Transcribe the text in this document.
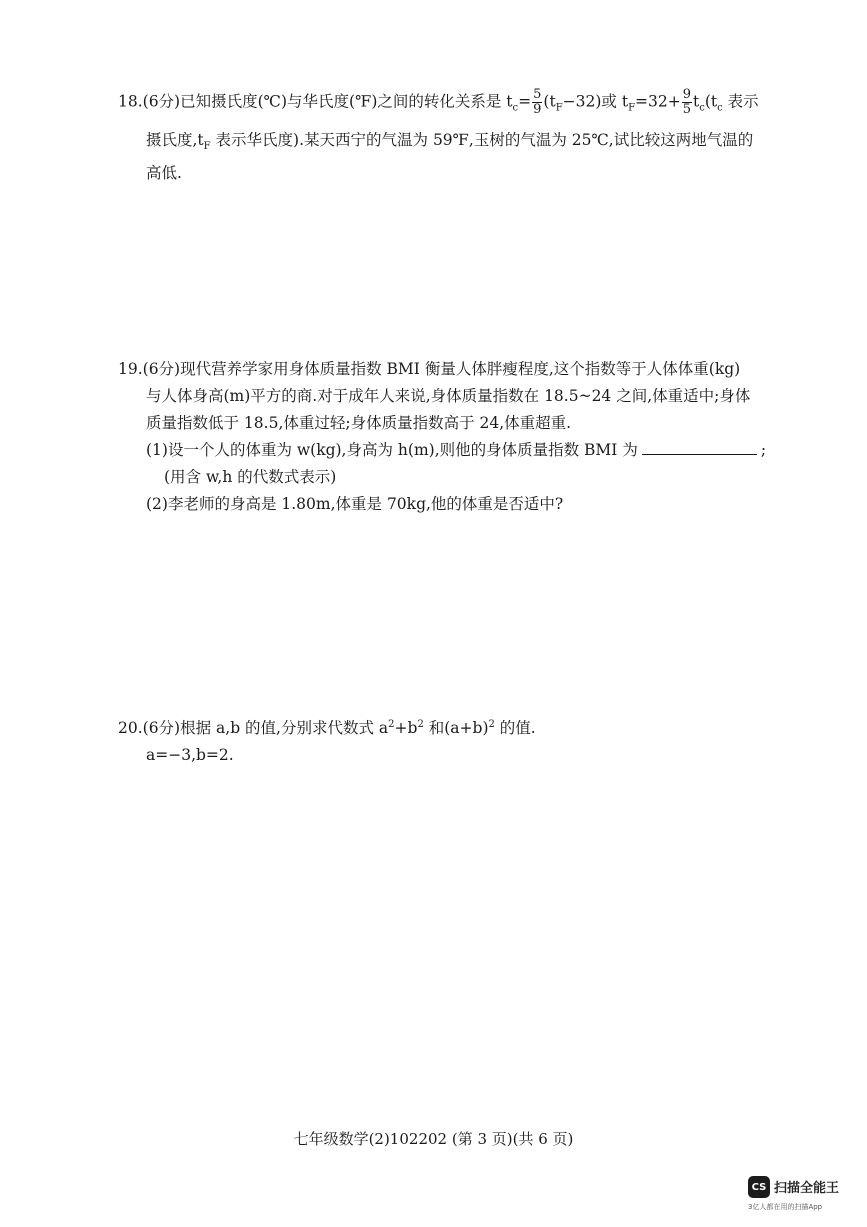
18.(6分)已知摄氏度(℃)与华氏度(℉)之间的转化关系是 $t_c= \frac{5}{9} (t_F-32)$或 $t_F=32+ \frac{9}{5} t_c(t_c$ 表示

摄氏度$,t_F$ 表示华氏度).某天西宁的气温为 59℉,玉树的气温为 25℃,试比较这两地气温的

高低.

19.(6分)现代营养学家用身体质量指数 BMI 衡量人体胖瘦程度,这个指数等于人体体重(kg)

与人体身高(m)平方的商.对于成年人来说,身体质量指数在 18.5~24 之间,体重适中;身体

质量指数低于 18.5,体重过轻;身体质量指数高于 24,体重超重.

(1)设一个人的体重为 w(kg),身高为 h(m),则他的身体质量指数 BMI 为	;

(用含 w,h 的代数式表示)

(2)李老师的身高是 1.80m,体重是 70kg,他的体重是否适中?

20.(6分)根据 a,b 的值,分别求代数式 $a^2+b^2$ 和$(a+b)^2$ 的值.

a=−3,b=2.

七年级数学(2)102202 (第 3 页)(共 6 页)
CS 扫描全能王
3亿人都在用的扫描App
